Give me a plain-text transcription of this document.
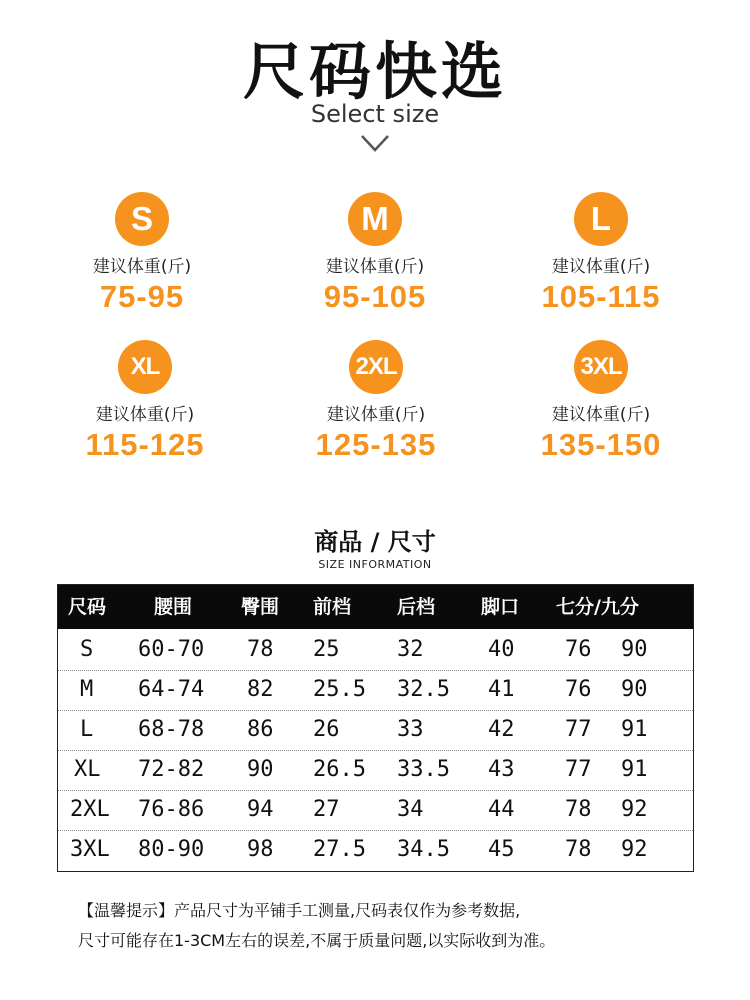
尺码快选
Select size
S
建议体重(斤)
75-95
M
建议体重(斤)
95-105
L
建议体重(斤)
105-115
XL
建议体重(斤)
115-125
2XL
建议体重(斤)
125-135
3XL
建议体重(斤)
135-150
商品 / 尺寸
SIZE INFORMATION
尺码	腰围	臀围 前档 后档 脚口 七分/九分
S 60-70 78 25	32	40 76 90
M 64-74 82 25.5 32.5 41 76 90
L 68-78 86 26	33	42 77 91
XL 72-82 90 26.5 33.5 43 77 91
2XL 76-86 94 27	34	44 78 92
3XL 80-90 98 27.5 34.5 45 78 92
【温馨提示】产品尺寸为平铺手工测量,尺码表仅作为参考数据,
尺寸可能存在1-3CM左右的误差,不属于质量问题,以实际收到为准。
